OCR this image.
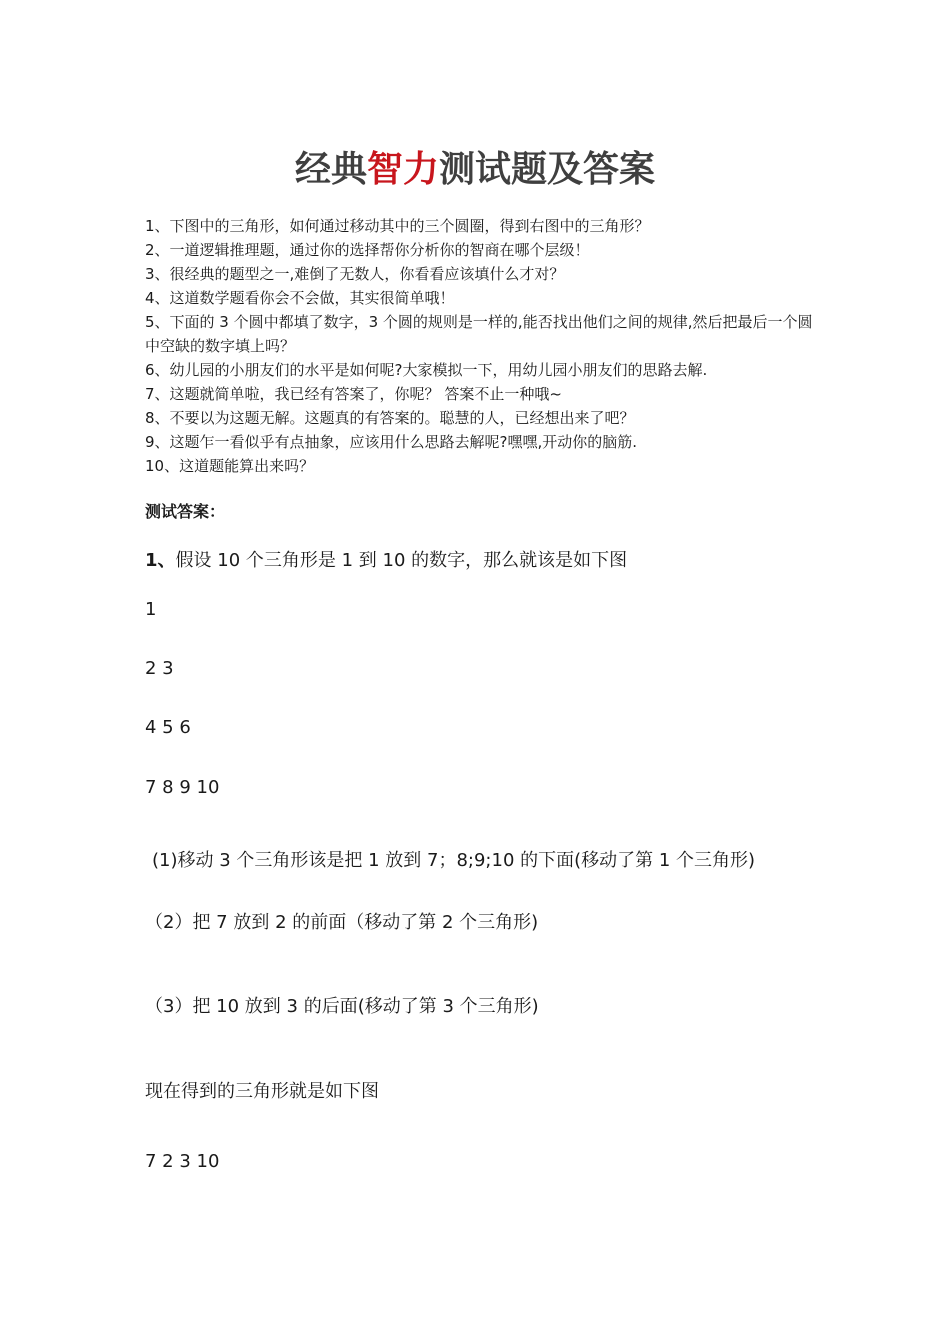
经典智力测试题及答案
1、下图中的三角形，如何通过移动其中的三个圆圈，得到右图中的三角形？
2、一道逻辑推理题，通过你的选择帮你分析你的智商在哪个层级！
3、很经典的题型之一,难倒了无数人，你看看应该填什么才对？
4、这道数学题看你会不会做，其实很简单哦！
5、下面的 3 个圆中都填了数字，3 个圆的规则是一样的,能否找出他们之间的规律,然后把最后一个圆中空缺的数字填上吗？
6、幼儿园的小朋友们的水平是如何呢?大家模拟一下，用幼儿园小朋友们的思路去解.
7、这题就简单啦，我已经有答案了，你呢？ 答案不止一种哦~
8、不要以为这题无解。这题真的有答案的。聪慧的人，已经想出来了吧？
9、这题乍一看似乎有点抽象，应该用什么思路去解呢?嘿嘿,开动你的脑筋.
10、这道题能算出来吗？

测试答案：

1、假设 10 个三角形是 1 到 10 的数字，那么就该是如下图

1

2 3

4 5 6

7 8 9 10

(1)移动 3 个三角形该是把 1 放到 7；8;9;10 的下面(移动了第 1 个三角形)

（2）把 7 放到 2 的前面（移动了第 2 个三角形)

（3）把 10 放到 3 的后面(移动了第 3 个三角形)

现在得到的三角形就是如下图

7 2 3 10
